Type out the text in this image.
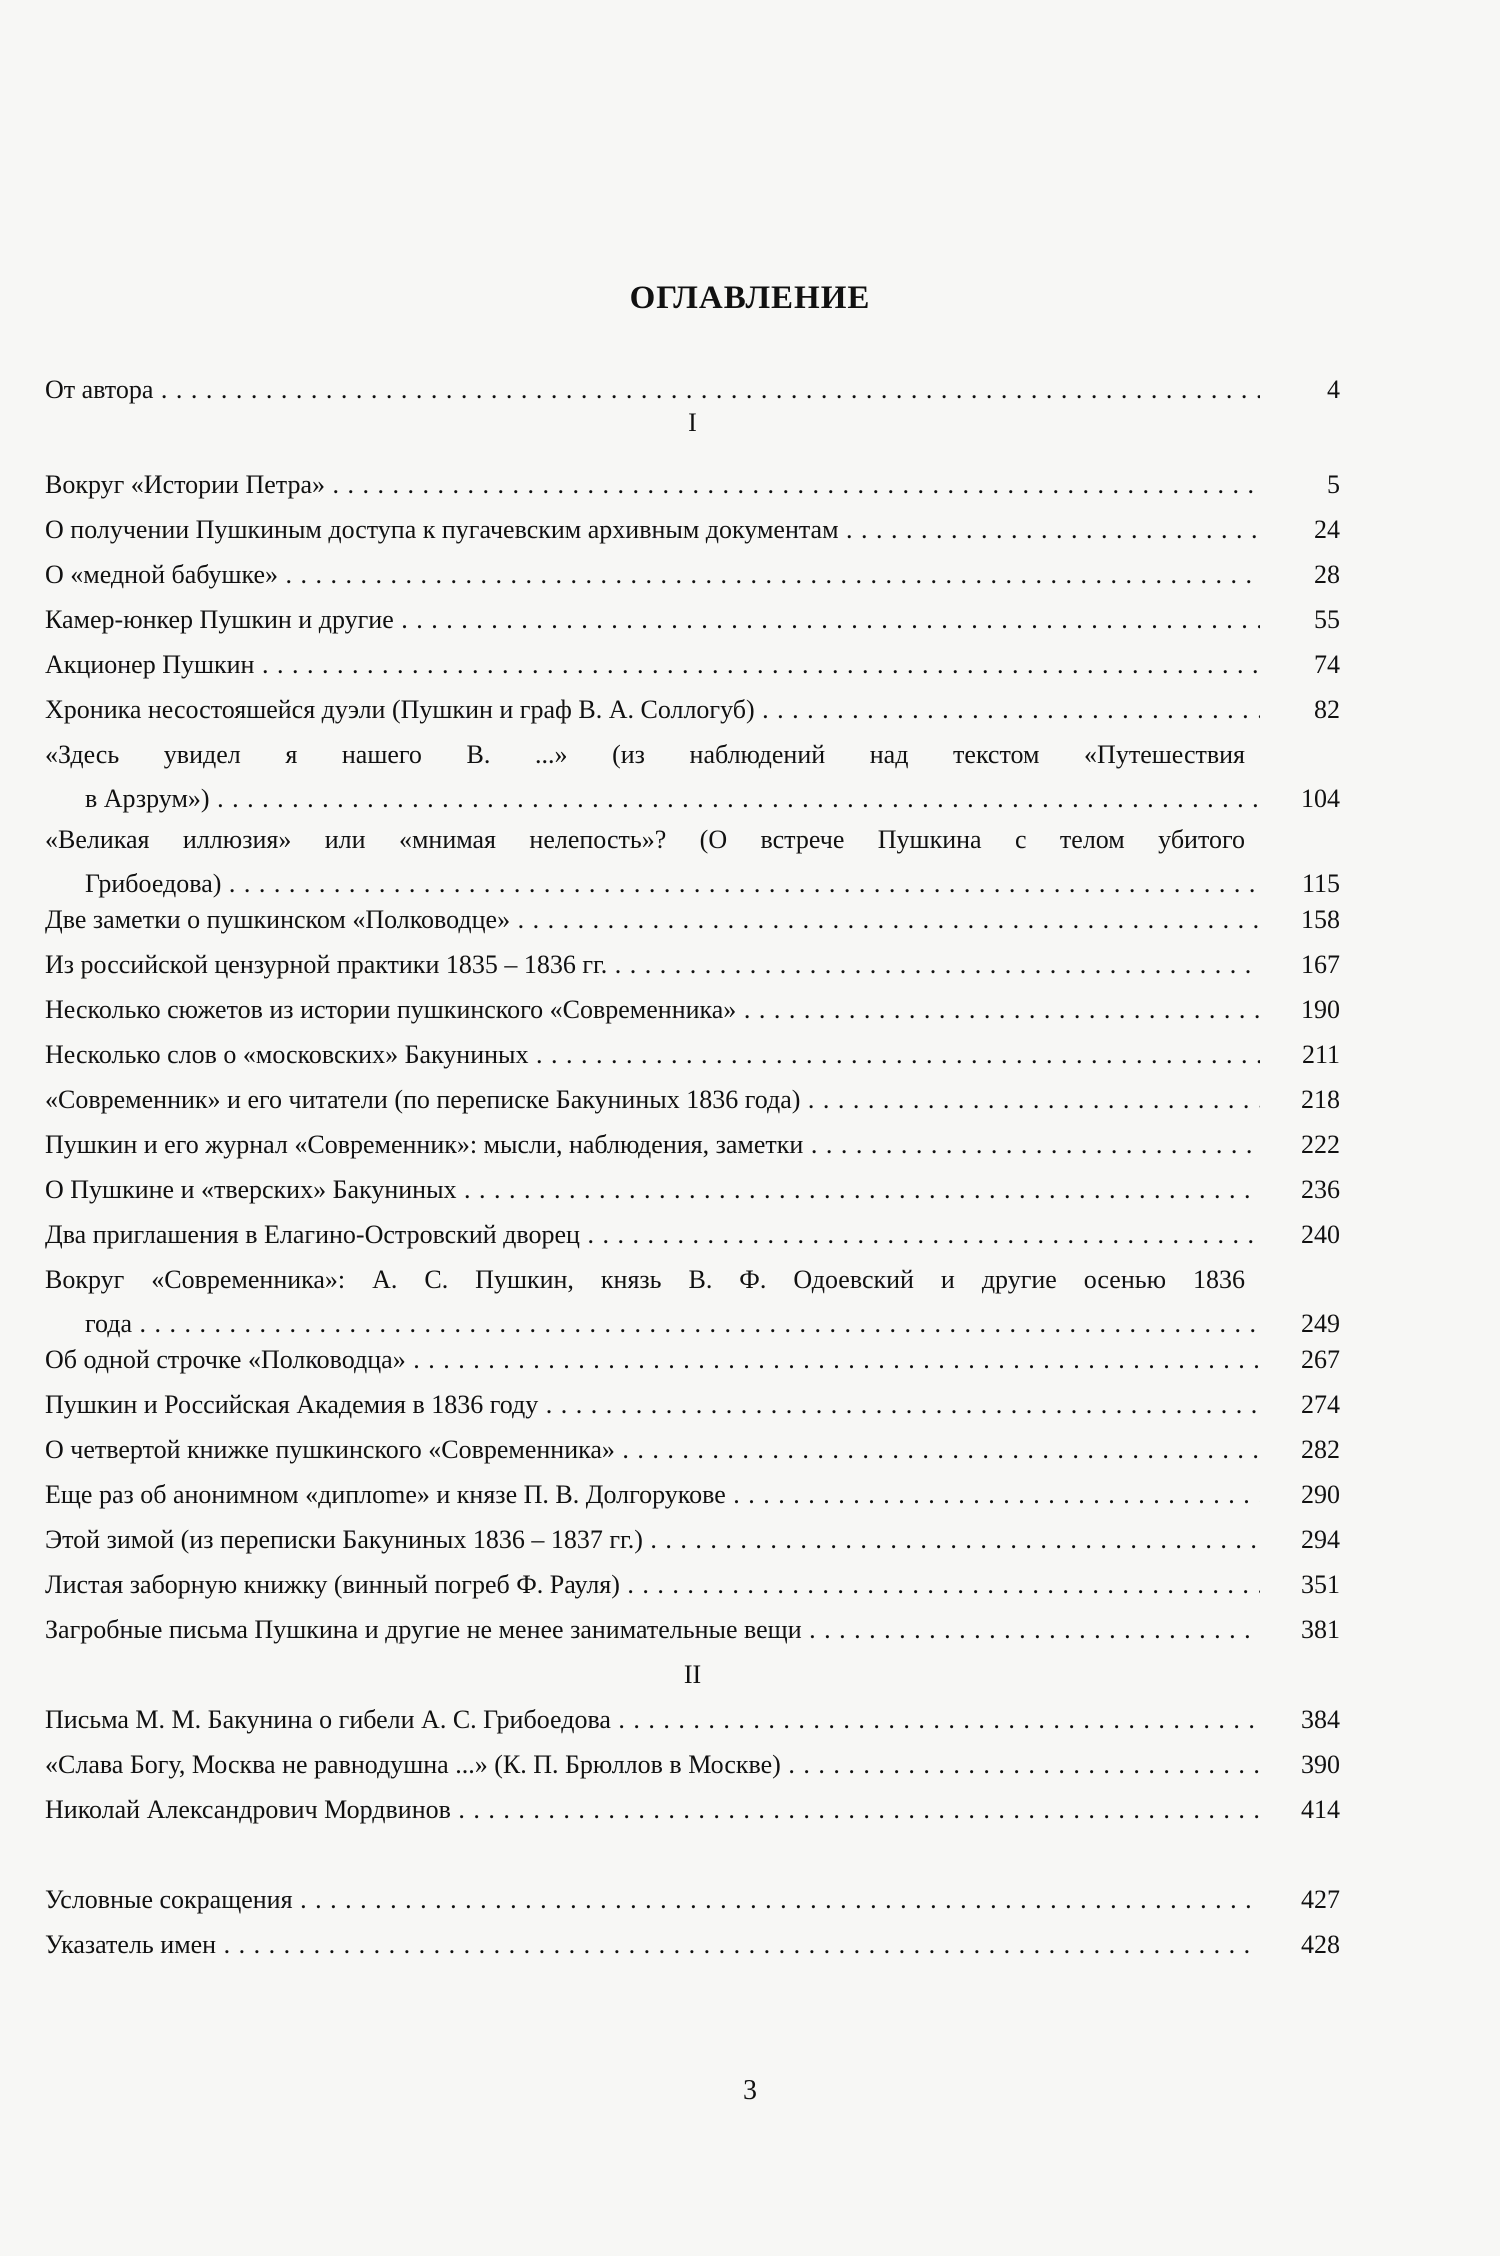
ОГЛАВЛЕНИЕ
От автора . . .	4
I
Вокруг «Истории Петра» . . .	5
О получении Пушкиным доступа к пугачевским архивным документам . . .	24
О «медной бабушке» . . .	28
Камер-юнкер Пушкин и другие . . .	55
Акционер Пушкин . . .	74
Хроника несостояшейся дуэли (Пушкин и граф В. А. Соллогуб) . . .	82
«Здесь увидел я нашего В. ...» (из наблюдений над текстом «Путешествия
в Арзрум») . . .	104
«Великая иллюзия» или «мнимая нелепость»? (О встрече Пушкина с телом убитого
Грибоедова) . . .	115
Две заметки о пушкинском «Полководце» . . .	158
Из российской цензурной практики 1835 – 1836 гг. . . .	167
Несколько сюжетов из истории пушкинского «Современника» . . .	190
Несколько слов о «московских» Бакуниных . . .	211
«Современник» и его читатели (по переписке Бакуниных 1836 года) . . .	218
Пушкин и его журнал «Современник»: мысли, наблюдения, заметки . . .	222
О Пушкине и «тверских» Бакуниных . . .	236
Два приглашения в Елагино-Островский дворец . . .	240
Вокруг «Современника»: А. С. Пушкин, князь В. Ф. Одоевский и другие осенью 1836
года . . .	249
Об одной строчке «Полководца» . . .	267
Пушкин и Российская Академия в 1836 году . . .	274
О четвертой книжке пушкинского «Современника» . . .	282
Еще раз об анонимном «диплome» и князе П. В. Долгорукове . . .	290
Этой зимой (из переписки Бакуниных 1836 – 1837 гг.) . . .	294
Листая заборную книжку (винный погреб Ф. Рауля) . . .	351
Загробные письма Пушкина и другие не менее занимательные вещи . . .	381
II
Письма М. М. Бакунина о гибели А. С. Грибоедова . . .	384
«Слава Богу, Москва не равнодушна ...» (К. П. Брюллов в Москве) . . .	390
Николай Александрович Мордвинов . . .	414
Условные сокращения . . .	427
Указатель имен . . .	428
3
